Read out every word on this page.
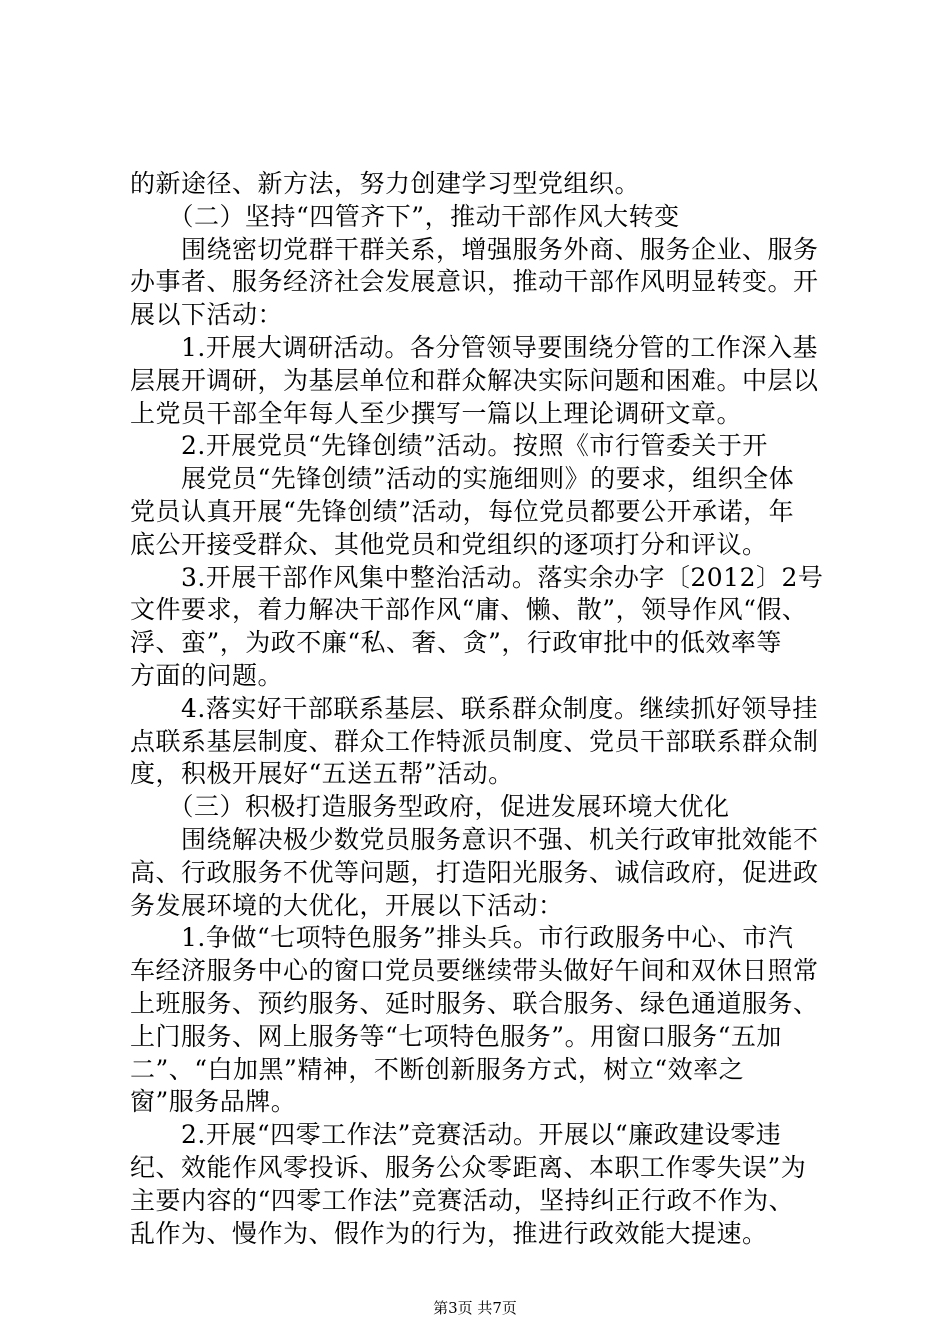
的新途径、新方法，努力创建学习型党组织。
　　（二）坚持“四管齐下”，推动干部作风大转变
　　围绕密切党群干群关系，增强服务外商、服务企业、服务
办事者、服务经济社会发展意识，推动干部作风明显转变。开
展以下活动：
　　1.开展大调研活动。各分管领导要围绕分管的工作深入基
层展开调研，为基层单位和群众解决实际问题和困难。中层以
上党员干部全年每人至少撰写一篇以上理论调研文章。
　　2.开展党员“先锋创绩”活动。按照《市行管委关于开
　　展党员“先锋创绩”活动的实施细则》的要求，组织全体
党员认真开展“先锋创绩”活动，每位党员都要公开承诺，年
底公开接受群众、其他党员和党组织的逐项打分和评议。
　　3.开展干部作风集中整治活动。落实余办字〔2012〕2号
文件要求，着力解决干部作风“庸、懒、散”，领导作风“假、
浮、蛮”，为政不廉“私、奢、贪”，行政审批中的低效率等
方面的问题。
　　4.落实好干部联系基层、联系群众制度。继续抓好领导挂
点联系基层制度、群众工作特派员制度、党员干部联系群众制
度，积极开展好“五送五帮”活动。
　　（三）积极打造服务型政府，促进发展环境大优化
　　围绕解决极少数党员服务意识不强、机关行政审批效能不
高、行政服务不优等问题，打造阳光服务、诚信政府，促进政
务发展环境的大优化，开展以下活动：
　　1.争做“七项特色服务”排头兵。市行政服务中心、市汽
车经济服务中心的窗口党员要继续带头做好午间和双休日照常
上班服务、预约服务、延时服务、联合服务、绿色通道服务、
上门服务、网上服务等“七项特色服务”。用窗口服务“五加
二”、“白加黑”精神，不断创新服务方式，树立“效率之
窗”服务品牌。
　　2.开展“四零工作法”竞赛活动。开展以“廉政建设零违
纪、效能作风零投诉、服务公众零距离、本职工作零失误”为
主要内容的“四零工作法”竞赛活动，坚持纠正行政不作为、
乱作为、慢作为、假作为的行为，推进行政效能大提速。
第3页 共7页
